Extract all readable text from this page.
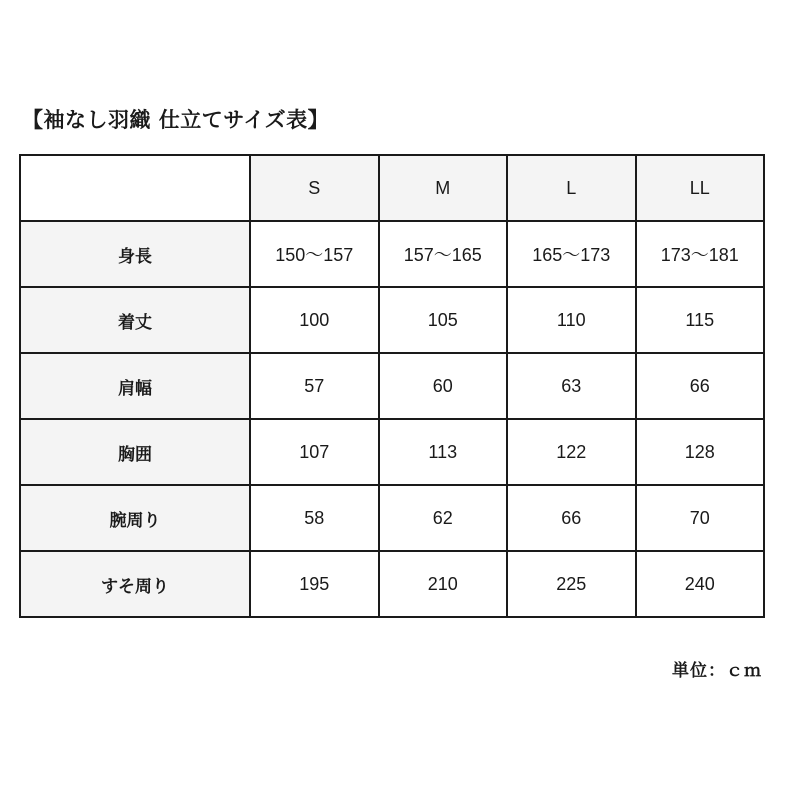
【袖なし羽織 仕立てサイズ表】
	S	M	L	LL
身長	150〜157	157〜165	165〜173	173〜181
着丈	100	105	110	115
肩幅	57	60	63	66
胸囲	107	113	122	128
腕周り	58	62	66	70
すそ周り	195	210	225	240
単位：ｃｍ
